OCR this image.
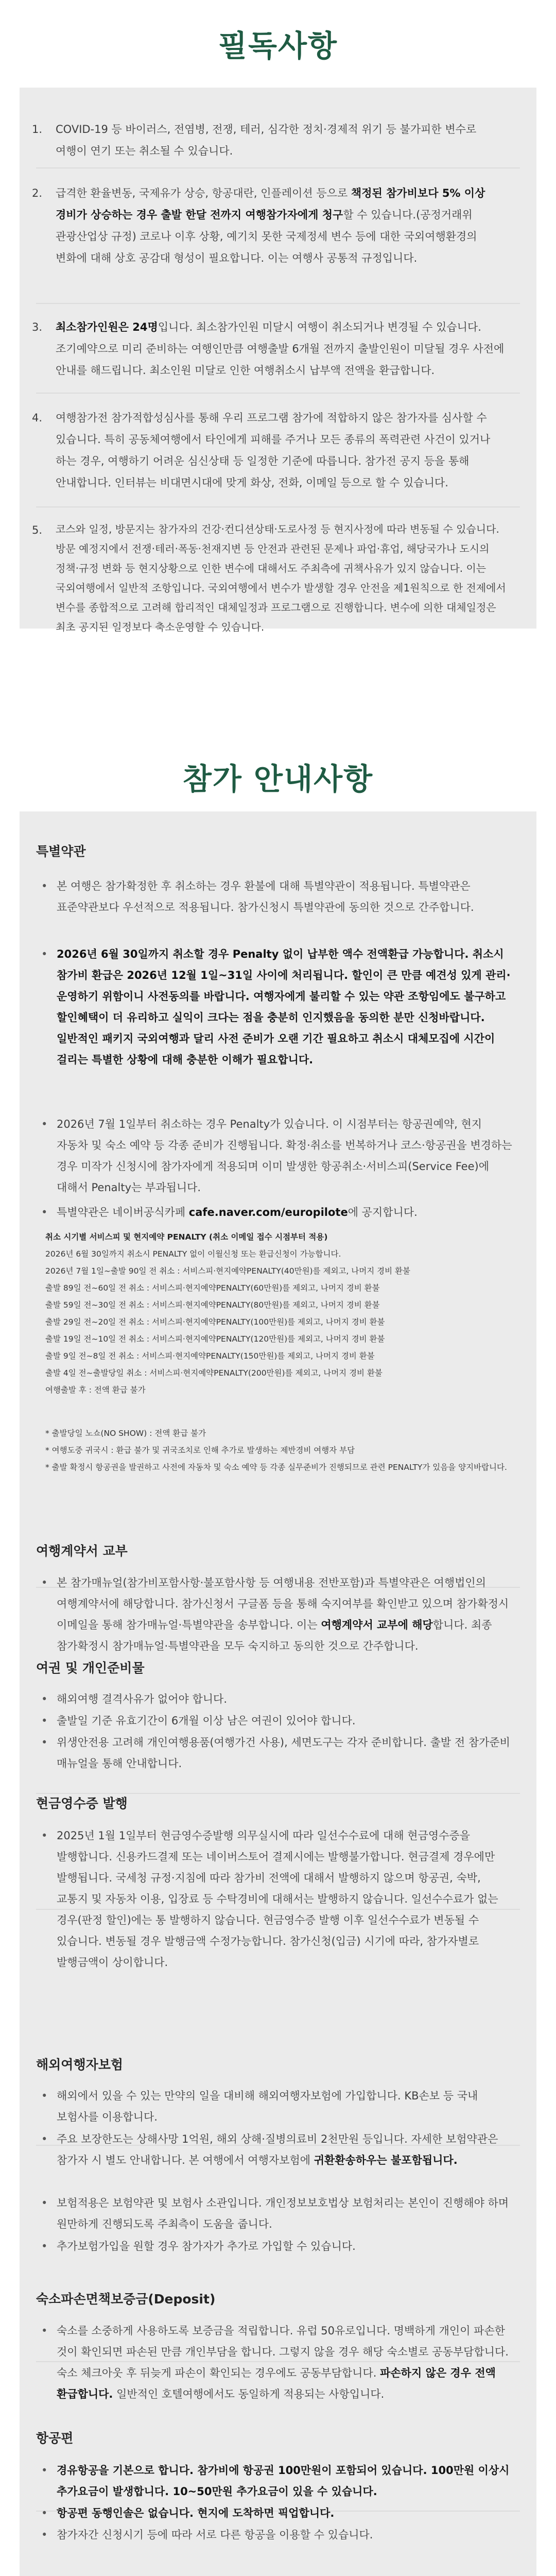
필독사항
1. COVID-19 등 바이러스, 전염병, 전쟁, 테러, 심각한 정치·경제적 위기 등 불가피한 변수로 여행이 연기 또는 취소될 수 있습니다.

2. 급격한 환율변동, 국제유가 상승, 항공대란, 인플레이션 등으로 책정된 참가비보다 5% 이상 경비가 상승하는 경우 출발 한달 전까지 여행참가자에게 청구할 수 있습니다.(공정거래위 관광산업상 규정) 코로나 이후 상황, 예기치 못한 국제정세 변수 등에 대한 국외여행환경의 변화에 대해 상호 공감대 형성이 필요합니다. 이는 여행사 공통적 규정입니다.

3. 최소참가인원은 24명입니다. 최소참가인원 미달시 여행이 취소되거나 변경될 수 있습니다. 조기예약으로 미리 준비하는 여행인만큼 여행출발 6개월 전까지 출발인원이 미달될 경우 사전에 안내를 해드립니다. 최소인원 미달로 인한 여행취소시 납부액 전액을 환급합니다.

4. 여행참가전 참가적합성심사를 통해 우리 프로그램 참가에 적합하지 않은 참가자를 심사할 수 있습니다. 특히 공동체여행에서 타인에게 피해를 주거나 모든 종류의 폭력관련 사건이 있거나 하는 경우, 여행하기 어려운 심신상태 등 일정한 기준에 따릅니다. 참가전 공지 등을 통해 안내합니다. 인터뷰는 비대면시대에 맞게 화상, 전화, 이메일 등으로 할 수 있습니다.

5. 코스와 일정, 방문지는 참가자의 건강·컨디션상태·도로사정 등 현지사정에 따라 변동될 수 있습니다. 방문 예정지에서 전쟁·테러·폭동·천재지변 등 안전과 관련된 문제나 파업·휴업, 해당국가나 도시의 정책·규정 변화 등 현지상황으로 인한 변수에 대해서도 주최측에 귀책사유가 있지 않습니다. 이는 국외여행에서 일반적 조항입니다. 국외여행에서 변수가 발생할 경우 안전을 제1원칙으로 한 전제에서 변수를 종합적으로 고려해 합리적인 대체일정과 프로그램으로 진행합니다. 변수에 의한 대체일정은 최초 공지된 일정보다 축소운영할 수 있습니다.

참가 안내사항
특별약관

• 본 여행은 참가확정한 후 취소하는 경우 환불에 대해 특별약관이 적용됩니다. 특별약관은 표준약관보다 우선적으로 적용됩니다. 참가신청시 특별약관에 동의한 것으로 간주합니다.

• 2026년 6월 30일까지 취소할 경우 Penalty 없이 납부한 액수 전액환급 가능합니다. 취소시 참가비 환급은 2026년 12월 1일~31일 사이에 처리됩니다. 할인이 큰 만큼 예견성 있게 관리·운영하기 위함이니 사전동의를 바랍니다. 여행자에게 불리할 수 있는 약관 조항임에도 불구하고 할인혜택이 더 유리하고 실익이 크다는 점을 충분히 인지했음을 동의한 분만 신청바랍니다. 일반적인 패키지 국외여행과 달리 사전 준비가 오랜 기간 필요하고 취소시 대체모집에 시간이 걸리는 특별한 상황에 대해 충분한 이해가 필요합니다.

• 2026년 7월 1일부터 취소하는 경우 Penalty가 있습니다. 이 시점부터는 항공권예약, 현지 자동차 및 숙소 예약 등 각종 준비가 진행됩니다. 확정·취소를 번복하거나 코스·항공권을 변경하는 경우 미작가 신청시에 참가자에게 적용되며 이미 발생한 항공취소·서비스피(Service Fee)에 대해서 Penalty는 부과됩니다.

• 특별약관은 네이버공식카페 cafe.naver.com/europilote에 공지합니다.

취소 시기별 서비스피 및 현지예약 PENALTY (취소 이메일 접수 시점부터 적용)

2026년 6월 30일까지 취소시 PENALTY 없이 이월신청 또는 환급신청이 가능합니다.

2026년 7월 1일~출발 90일 전 취소 : 서비스피·현지예약PENALTY(40만원)를 제외고, 나머지 경비 환불

출발 89일 전~60일 전 취소 : 서비스피·현지예약PENALTY(60만원)를 제외고, 나머지 경비 환불

출발 59일 전~30일 전 취소 : 서비스피·현지예약PENALTY(80만원)를 제외고, 나머지 경비 환불

출발 29일 전~20일 전 취소 : 서비스피·현지예약PENALTY(100만원)를 제외고, 나머지 경비 환불

출발 19일 전~10일 전 취소 : 서비스피·현지예약PENALTY(120만원)를 제외고, 나머지 경비 환불

출발 9일 전~8일 전 취소 : 서비스피·현지예약PENALTY(150만원)를 제외고, 나머지 경비 환불

출발 4일 전~출발당일 취소 : 서비스피·현지예약PENALTY(200만원)를 제외고, 나머지 경비 환불

여행출발 후 : 전액 환급 불가

* 출발당일 노쇼(NO SHOW) : 전액 환급 불가

* 여행도중 귀국시 : 환급 불가 및 귀국조치로 인해 추가로 발생하는 제반경비 여행자 부담

* 출발 확정시 항공권을 발권하고 사전에 자동차 및 숙소 예약 등 각종 실무준비가 진행되므로 관련 PENALTY가 있음을 양지바랍니다.

여행계약서 교부

• 본 참가매뉴얼(참가비포함사항·불포함사항 등 여행내용 전반포함)과 특별약관은 여행법인의 여행계약서에 해당합니다. 참가신청서 구글폼 등을 통해 숙지여부를 확인받고 있으며 참가확정시 이메일을 통해 참가매뉴얼·특별약관을 송부합니다. 이는 여행계약서 교부에 해당합니다. 최종 참가확정시 참가매뉴얼·특별약관을 모두 숙지하고 동의한 것으로 간주합니다.

여권 및 개인준비물

• 해외여행 결격사유가 없어야 합니다.

• 출발일 기준 유효기간이 6개월 이상 남은 여권이 있어야 합니다.

• 위생안전용 고려해 개인여행용품(여행가건 사용), 세면도구는 각자 준비합니다. 출발 전 참가준비 매뉴얼을 통해 안내합니다.

현금영수증 발행

• 2025년 1월 1일부터 현금영수증발행 의무실시에 따라 일선수수료에 대해 현금영수증을 발행합니다. 신용카드결제 또는 네이버스토어 결제시에는 발행불가합니다. 현금결제 경우에만 발행됩니다. 국세청 규정·지침에 따라 참가비 전액에 대해서 발행하지 않으며 항공권, 숙박, 교통지 및 자동차 이용, 입장료 등 수탁경비에 대해서는 발행하지 않습니다. 일선수수료가 없는 경우(판정 할인)에는 통 발행하지 않습니다. 현금영수증 발행 이후 일선수수료가 변동될 수 있습니다. 변동될 경우 발행금액 수정가능합니다. 참가신청(입금) 시기에 따라, 참가자별로 발행금액이 상이합니다.

해외여행자보험

• 해외에서 있을 수 있는 만약의 일을 대비해 해외여행자보험에 가입합니다. KB손보 등 국내 보험사를 이용합니다.

• 주요 보장한도는 상해사망 1억원, 해외 상해·질병의료비 2천만원 등입니다. 자세한 보험약관은 참가자 시 별도 안내합니다. 본 여행에서 여행자보험에 귀환환송하우는 불포함됩니다.

• 보험적용은 보험약관 및 보험사 소관입니다. 개인정보보호법상 보험처리는 본인이 진행해야 하며 원만하게 진행되도록 주최측이 도움을 줍니다.

• 추가보험가입을 원할 경우 참가자가 추가로 가입할 수 있습니다.

숙소파손면책보증금(Deposit)

• 숙소를 소중하게 사용하도록 보증금을 적립합니다. 유럽 50유로입니다. 명백하게 개인이 파손한 것이 확인되면 파손된 만큼 개인부담을 합니다. 그렇지 않을 경우 해당 숙소별로 공동부담합니다. 숙소 체크아웃 후 뒤늦게 파손이 확인되는 경우에도 공동부담합니다. 파손하지 않은 경우 전액 환급합니다. 일반적인 호텔여행에서도 동일하게 적용되는 사항입니다.

항공편

• 경유항공을 기본으로 합니다. 참가비에 항공권 100만원이 포함되어 있습니다. 100만원 이상시 추가요금이 발생합니다. 10~50만원 추가요금이 있을 수 있습니다.

• 항공편 동행인솔은 없습니다. 현지에 도착하면 픽업합니다.

• 참가자간 신청시기 등에 따라 서로 다른 항공을 이용할 수 있습니다.
